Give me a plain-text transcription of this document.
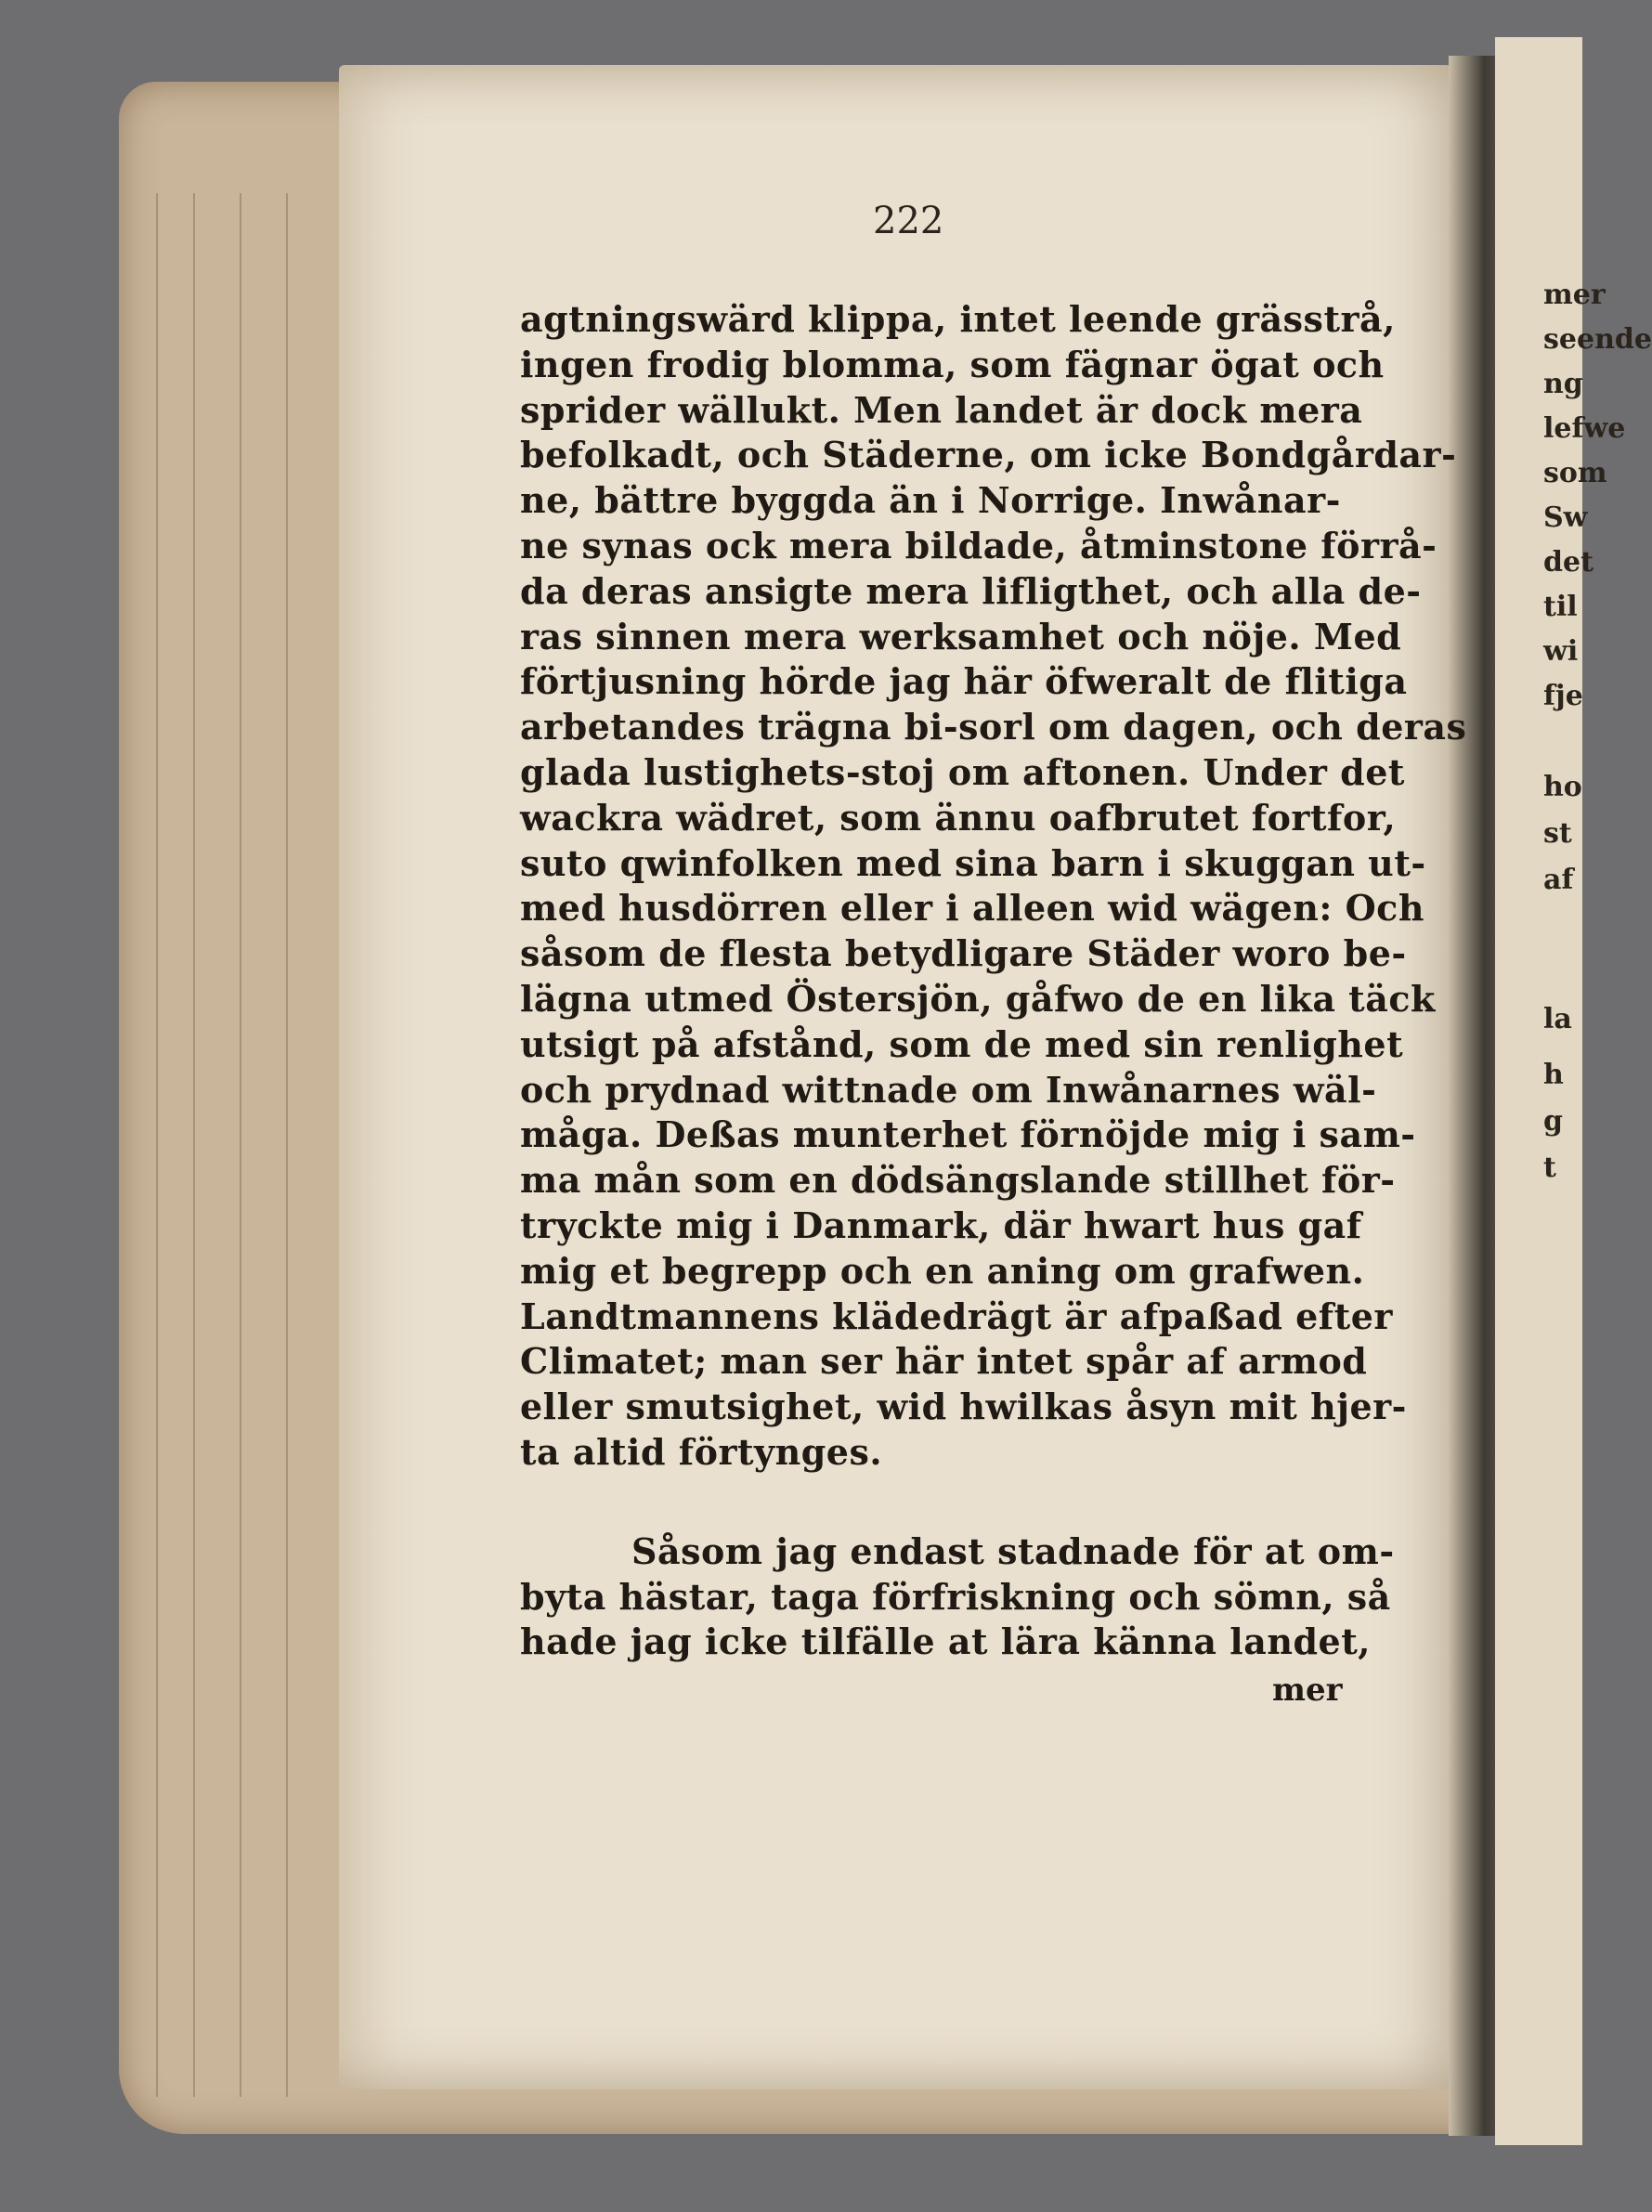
mer
seende
ng
lefwe
som
Sw
det
til
wi
fje
ho
st
af
la
h
g
t
222
agtningswärd klippa, intet leende grässtrå,
ingen frodig blomma, som fägnar ögat och
sprider wällukt. Men landet är dock mera
befolkadt, och Städerne, om icke Bondgårdar-
ne, bättre byggda än i Norrige. Inwånar-
ne synas ock mera bildade, åtminstone förrå-
da deras ansigte mera lifligthet, och alla de-
ras sinnen mera werksamhet och nöje. Med
förtjusning hörde jag här öfweralt de flitiga
arbetandes trägna bi-sorl om dagen, och deras
glada lustighets-stoj om aftonen. Under det
wackra wädret, som ännu oafbrutet fortfor,
suto qwinfolken med sina barn i skuggan ut-
med husdörren eller i alleen wid wägen: Och
såsom de flesta betydligare Städer woro be-
lägna utmed Östersjön, gåfwo de en lika täck
utsigt på afstånd, som de med sin renlighet
och prydnad wittnade om Inwånarnes wäl-
måga. Deßas munterhet förnöjde mig i sam-
ma mån som en dödsängslande stillhet för-
tryckte mig i Danmark, där hwart hus gaf
mig et begrepp och en aning om grafwen.
Landtmannens klädedrägt är afpaßad efter
Climatet; man ser här intet spår af armod
eller smutsighet, wid hwilkas åsyn mit hjer-
ta altid förtynges.
Såsom jag endast stadnade för at om-
byta hästar, taga förfriskning och sömn, så
hade jag icke tilfälle at lära känna landet,
mer
